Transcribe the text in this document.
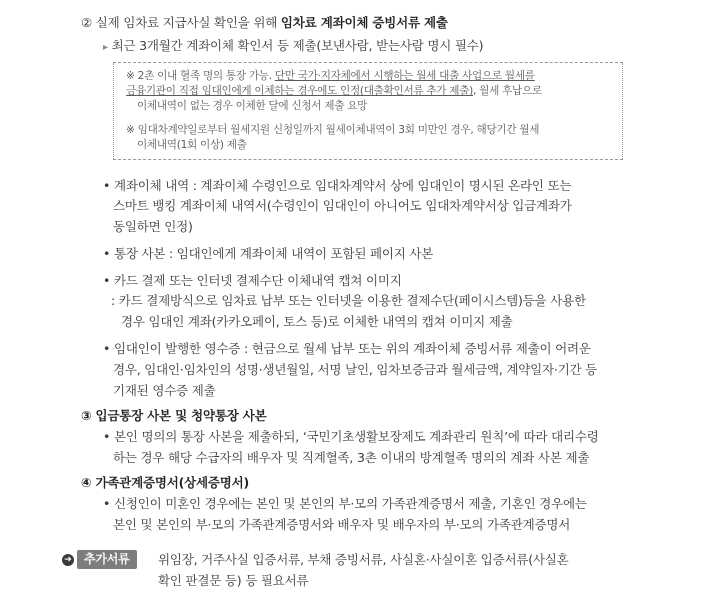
② 실제 임차료 지급사실 확인을 위해 임차료 계좌이체 증빙서류 제출
▸ 최근 3개월간 계좌이체 확인서 등 제출(보낸사람, 받는사람 명시 필수)
※ 2촌 이내 혈족 명의 통장 가능. 단만 국가·지자체에서 시행하는 월세 대출 사업으로 월세를
금융기관이 직접 임대인에게 이체하는 경우에도 인정(대출확인서류 추가 제출), 월세 후납으로
이체내역이 없는 경우 이체한 달에 신청서 제출 요망
※ 임대차계약일로부터 월세지원 신청일까지 월세이체내역이 3회 미만인 경우, 해당기간 월세
이체내역(1회 이상) 제출
• 계좌이체 내역 : 계좌이체 수령인으로 임대차계약서 상에 임대인이 명시된 온라인 또는
스마트 뱅킹 계좌이체 내역서(수령인이 임대인이 아니어도 임대차계약서상 입금계좌가
동일하면 인정)
• 통장 사본 : 임대인에게 계좌이체 내역이 포함된 페이지 사본
• 카드 결제 또는 인터넷 결제수단 이체내역 캡쳐 이미지
: 카드 결제방식으로 임차료 납부 또는 인터넷을 이용한 결제수단(페이시스템)등을 사용한
경우 임대인 계좌(카카오페이, 토스 등)로 이체한 내역의 캡쳐 이미지 제출
• 임대인이 발행한 영수증 : 현금으로 월세 납부 또는 위의 계좌이체 증빙서류 제출이 어려운
경우, 임대인·임차인의 성명·생년월일, 서명 날인, 임차보증금과 월세금액, 계약일자·기간 등
기재된 영수증 제출
③ 입금통장 사본 및 청약통장 사본
• 본인 명의의 통장 사본을 제출하되, ‘국민기초생활보장제도 계좌관리 원칙’에 따라 대리수령
하는 경우 해당 수급자의 배우자 및 직계혈족, 3촌 이내의 방계혈족 명의의 계좌 사본 제출
④ 가족관계증명서(상세증명서)
• 신청인이 미혼인 경우에는 본인 및 본인의 부·모의 가족관계증명서 제출, 기혼인 경우에는
본인 및 본인의 부·모의 가족관계증명서와 배우자 및 배우자의 부·모의 가족관계증명서
➔	추가서류	위임장, 거주사실 입증서류, 부채 증빙서류, 사실혼·사실이혼 입증서류(사실혼
확인 판결문 등) 등 필요서류
